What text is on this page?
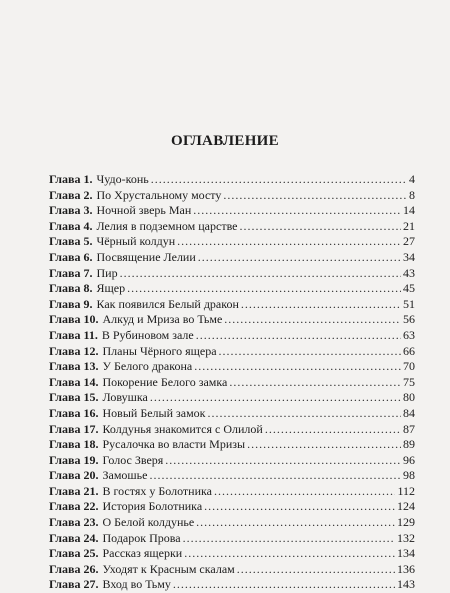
ОГЛАВЛЕНИЕ
Глава 1. Чудо-конь .....	4
Глава 2. По Хрустальному мосту .....	8
Глава 3. Ночной зверь Ман .....	14
Глава 4. Лелия в подземном царстве .....	21
Глава 5. Чёрный колдун .....	27
Глава 6. Посвящение Лелии .....	34
Глава 7. Пир .....	43
Глава 8. Ящер .....	45
Глава 9. Как появился Белый дракон .....	51
Глава 10. Алкуд и Мриза во Тьме .....	56
Глава 11. В Рубиновом зале .....	63
Глава 12. Планы Чёрного ящера .....	66
Глава 13. У Белого дракона .....	70
Глава 14. Покорение Белого замка .....	75
Глава 15. Ловушка .....	80
Глава 16. Новый Белый замок .....	84
Глава 17. Колдунья знакомится с Олилой .....	87
Глава 18. Русалочка во власти Мризы .....	89
Глава 19. Голос Зверя .....	96
Глава 20. Замошье .....	98
Глава 21. В гостях у Болотника .....	112
Глава 22. История Болотника .....	124
Глава 23. О Белой колдунье .....	129
Глава 24. Подарок Прова .....	132
Глава 25. Рассказ ящерки .....	134
Глава 26. Уходят к Красным скалам .....	136
Глава 27. Вход во Тьму .....	143
